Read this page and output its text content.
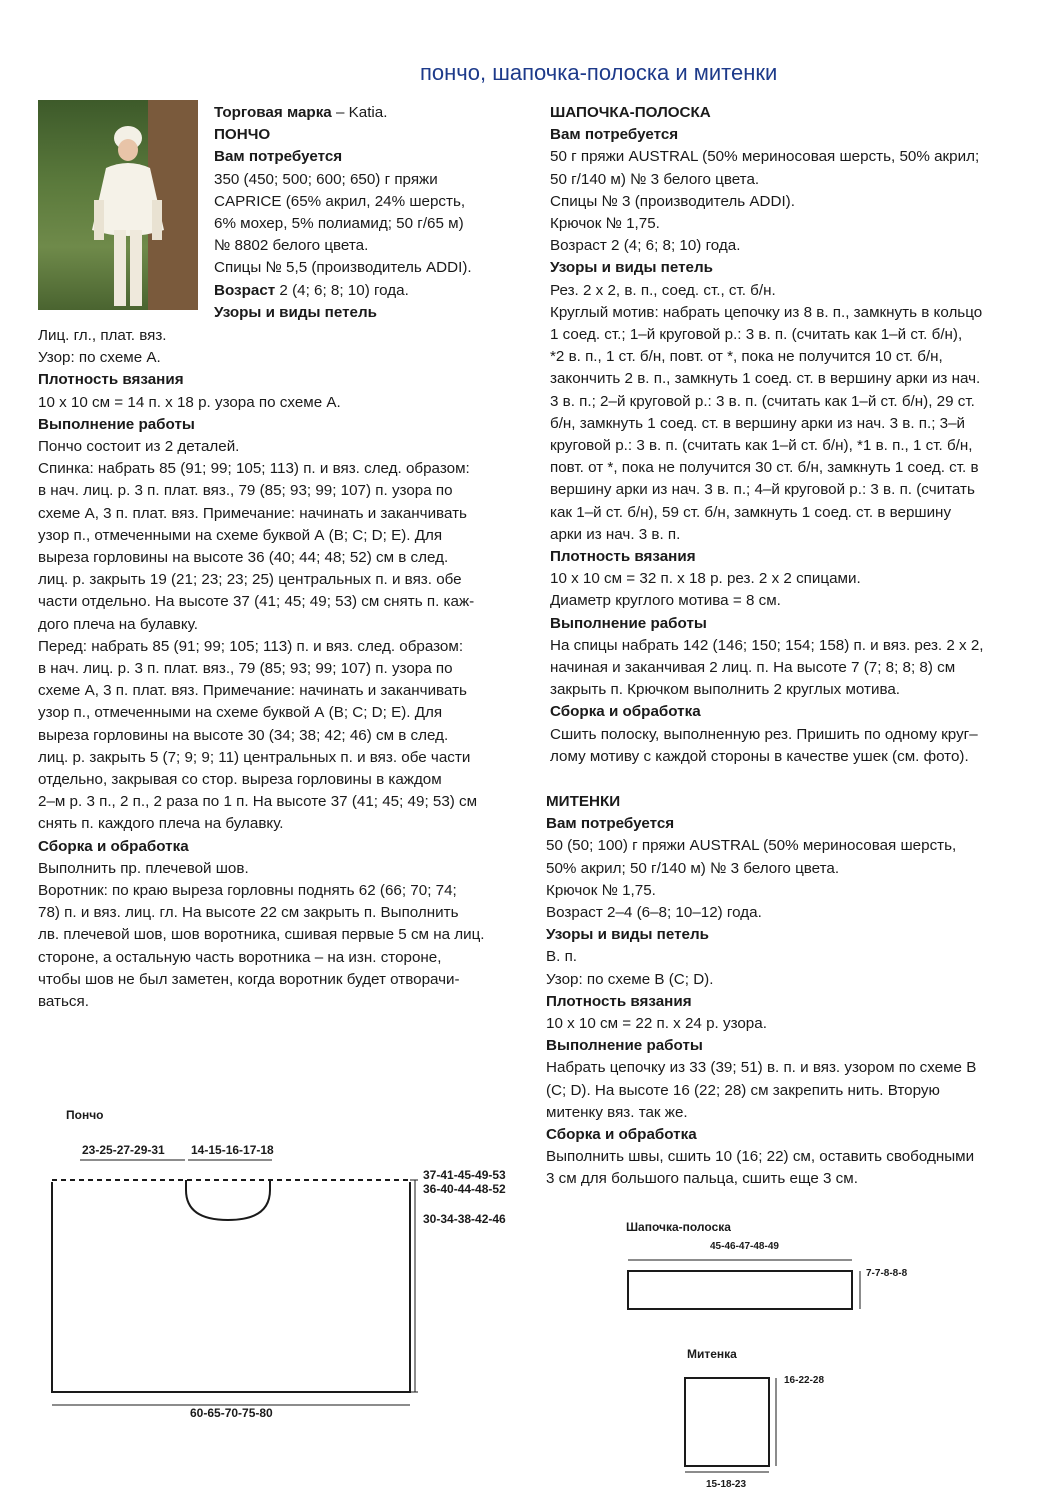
пончо, шапочка-полоска и митенки
Торговая марка – Katia.
ПОНЧО
Вам потребуется
350 (450; 500; 600; 650) г пряжи
CAPRICE (65% акрил, 24% шерсть,
6% мохер, 5% полиамид; 50 г/65 м)
№ 8802 белого цвета.
Спицы № 5,5 (производитель ADDI).
Возраст 2 (4; 6; 8; 10) года.
Узоры и виды петель
Лиц. гл., плат. вяз.
Узор: по схеме А.
Плотность вязания
10 х 10 см = 14 п. х 18 р. узора по схеме А.
Выполнение работы
Пончо состоит из 2 деталей.
Спинка: набрать 85 (91; 99; 105; 113) п. и вяз. след. образом:
в нач. лиц. р. 3 п. плат. вяз., 79 (85; 93; 99; 107) п. узора по
схеме А, 3 п. плат. вяз. Примечание: начинать и заканчивать
узор п., отмеченными на схеме буквой А (В; С; D; Е). Для
выреза горловины на высоте 36 (40; 44; 48; 52) см в след.
лиц. р. закрыть 19 (21; 23; 23; 25) центральных п. и вяз. обе
части отдельно. На высоте 37 (41; 45; 49; 53) см снять п. каж-
дого плеча на булавку.
Перед: набрать 85 (91; 99; 105; 113) п. и вяз. след. образом:
в нач. лиц. р. 3 п. плат. вяз., 79 (85; 93; 99; 107) п. узора по
схеме А, 3 п. плат. вяз. Примечание: начинать и заканчивать
узор п., отмеченными на схеме буквой А (В; С; D; Е). Для
выреза горловины на высоте 30 (34; 38; 42; 46) см в след.
лиц. р. закрыть 5 (7; 9; 9; 11) центральных п. и вяз. обе части
отдельно, закрывая со стор. выреза горловины в каждом
2–м р. 3 п., 2 п., 2 раза по 1 п. На высоте 37 (41; 45; 49; 53) см
снять п. каждого плеча на булавку.
Сборка и обработка
Выполнить пр. плечевой шов.
Воротник: по краю выреза горловны поднять 62 (66; 70; 74;
78) п. и вяз. лиц. гл. На высоте 22 см закрыть п. Выполнить
лв. плечевой шов, шов воротника, сшивая первые 5 см на лиц.
стороне, а остальную часть воротника – на изн. стороне,
чтобы шов не был заметен, когда воротник будет отворачи-
ваться.
ШАПОЧКА-ПОЛОСКА
Вам потребуется
50 г пряжи AUSTRAL (50% мериносовая шерсть, 50% акрил;
50 г/140 м) № 3 белого цвета.
Спицы № 3 (производитель ADDI).
Крючок № 1,75.
Возраст 2 (4; 6; 8; 10) года.
Узоры и виды петель
Рез. 2 х 2, в. п., соед. ст., ст. б/н.
Круглый мотив: набрать цепочку из 8 в. п., замкнуть в кольцо
1 соед. ст.; 1–й круговой р.: 3 в. п. (считать как 1–й ст. б/н),
*2 в. п., 1 ст. б/н, повт. от *, пока не получится 10 ст. б/н,
закончить 2 в. п., замкнуть 1 соед. ст. в вершину арки из нач.
3 в. п.; 2–й круговой р.: 3 в. п. (считать как 1–й ст. б/н), 29 ст.
б/н, замкнуть 1 соед. ст. в вершину арки из нач. 3 в. п.; 3–й
круговой р.: 3 в. п. (считать как 1–й ст. б/н), *1 в. п., 1 ст. б/н,
повт. от *, пока не получится 30 ст. б/н, замкнуть 1 соед. ст. в
вершину арки из нач. 3 в. п.; 4–й круговой р.: 3 в. п. (считать
как 1–й ст. б/н), 59 ст. б/н, замкнуть 1 соед. ст. в вершину
арки из нач. 3 в. п.
Плотность вязания
10 х 10 см = 32 п. х 18 р. рез. 2 х 2 спицами.
Диаметр круглого мотива = 8 см.
Выполнение работы
На спицы набрать 142 (146; 150; 154; 158) п. и вяз. рез. 2 х 2,
начиная и заканчивая 2 лиц. п. На высоте 7 (7; 8; 8; 8) см
закрыть п. Крючком выполнить 2 круглых мотива.
Сборка и обработка
Сшить полоску, выполненную рез. Пришить по одному круг–
лому мотиву с каждой стороны в качестве ушек (см. фото).
МИТЕНКИ
Вам потребуется
50 (50; 100) г пряжи AUSTRAL (50% мериносовая шерсть,
50% акрил; 50 г/140 м) № 3 белого цвета.
Крючок № 1,75.
Возраст 2–4 (6–8; 10–12) года.
Узоры и виды петель
В. п.
Узор: по схеме В (С; D).
Плотность вязания
10 х 10 см = 22 п. х 24 р. узора.
Выполнение работы
Набрать цепочку из 33 (39; 51) в. п. и вяз. узором по схеме В
(С; D). На высоте 16 (22; 28) см закрепить нить. Вторую
митенку вяз. так же.
Сборка и обработка
Выполнить швы, сшить 10 (16; 22) см, оставить свободными
3 см для большого пальца, сшить еще 3 см.
Пончо
23-25-27-29-31 14-15-16-17-18
37-41-45-49-53
36-40-44-48-52
30-34-38-42-46
60-65-70-75-80
Шапочка-полоска
45-46-47-48-49
7-7-8-8-8
Митенка
16-22-28
15-18-23
